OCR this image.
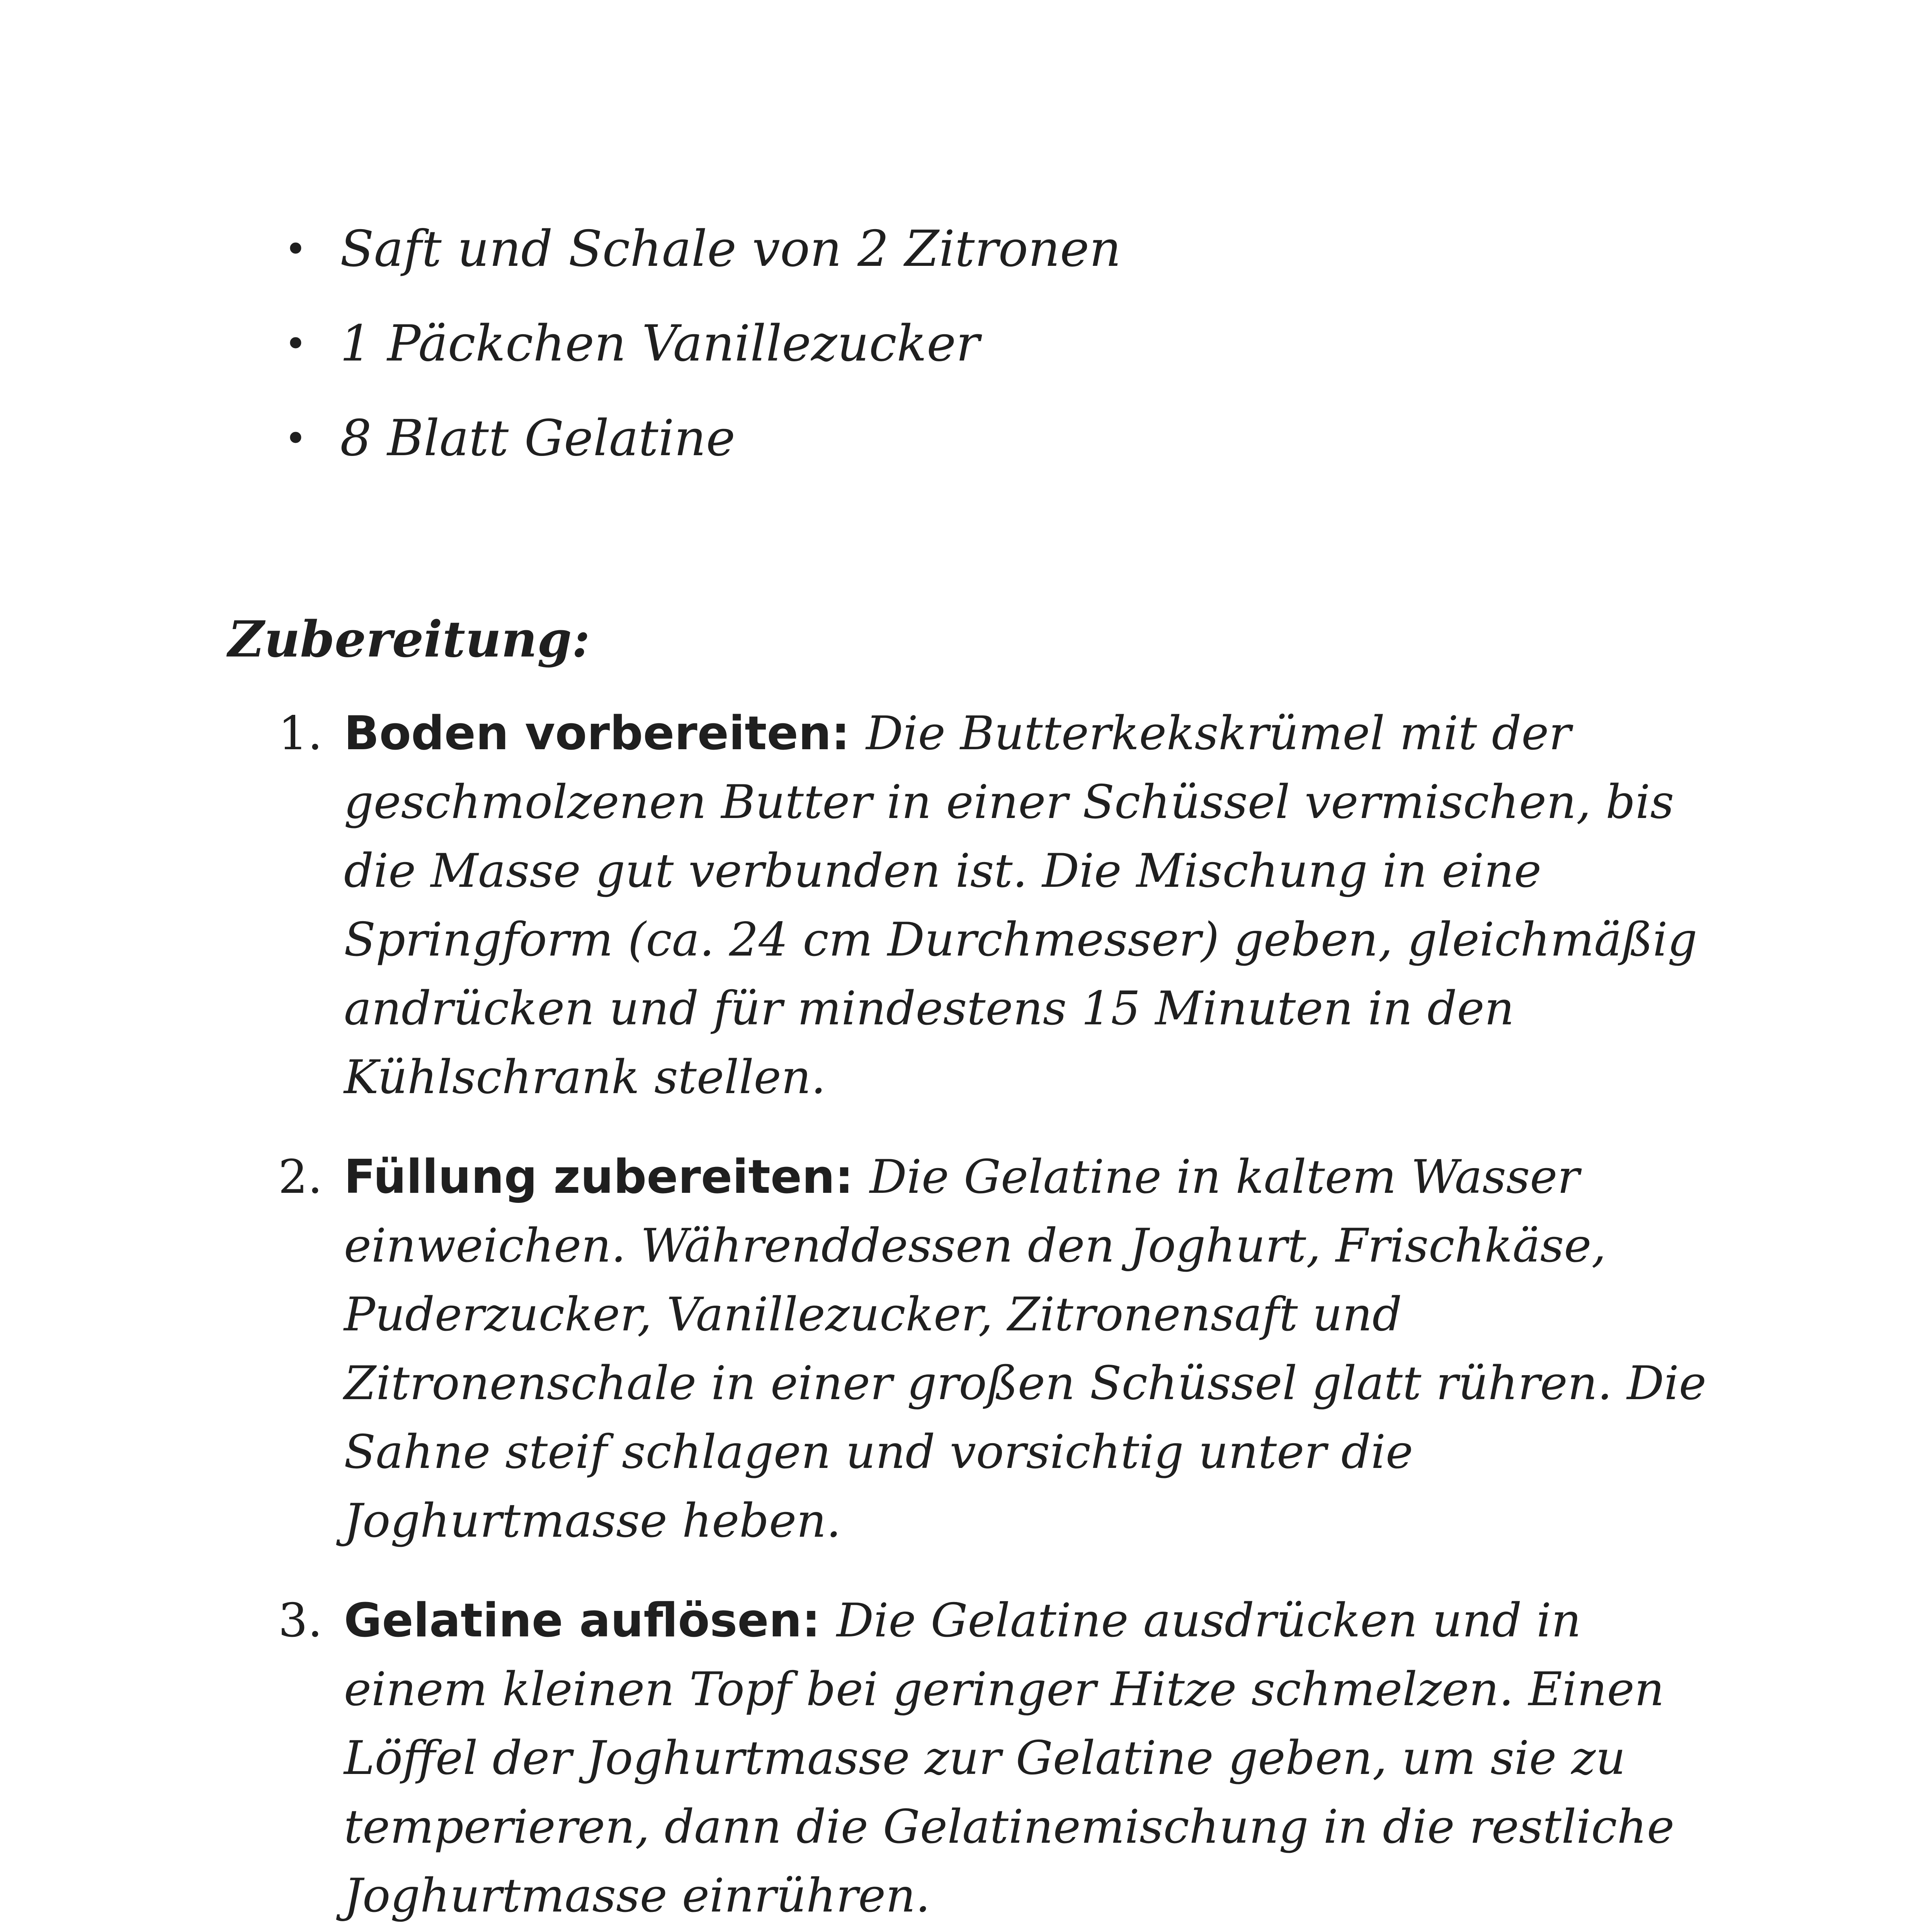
• Saft und Schale von 2 Zitronen
• 1 Päckchen Vanillezucker
• 8 Blatt Gelatine
Zubereitung:
1. Boden vorbereiten: Die Butterkekskrümel mit der geschmolzenen Butter in einer Schüssel vermischen, bis die Masse gut verbunden ist. Die Mischung in eine Springform (ca. 24 cm Durchmesser) geben, gleichmäßig andrücken und für mindestens 15 Minuten in den Kühlschrank stellen.
2. Füllung zubereiten: Die Gelatine in kaltem Wasser einweichen. Währenddessen den Joghurt, Frischkäse, Puderzucker, Vanillezucker, Zitronensaft und Zitronenschale in einer großen Schüssel glatt rühren. Die Sahne steif schlagen und vorsichtig unter die Joghurtmasse heben.
3. Gelatine auflösen: Die Gelatine ausdrücken und in einem kleinen Topf bei geringer Hitze schmelzen. Einen Löffel der Joghurtmasse zur Gelatine geben, um sie zu temperieren, dann die Gelatinemischung in die restliche Joghurtmasse einrühren.
